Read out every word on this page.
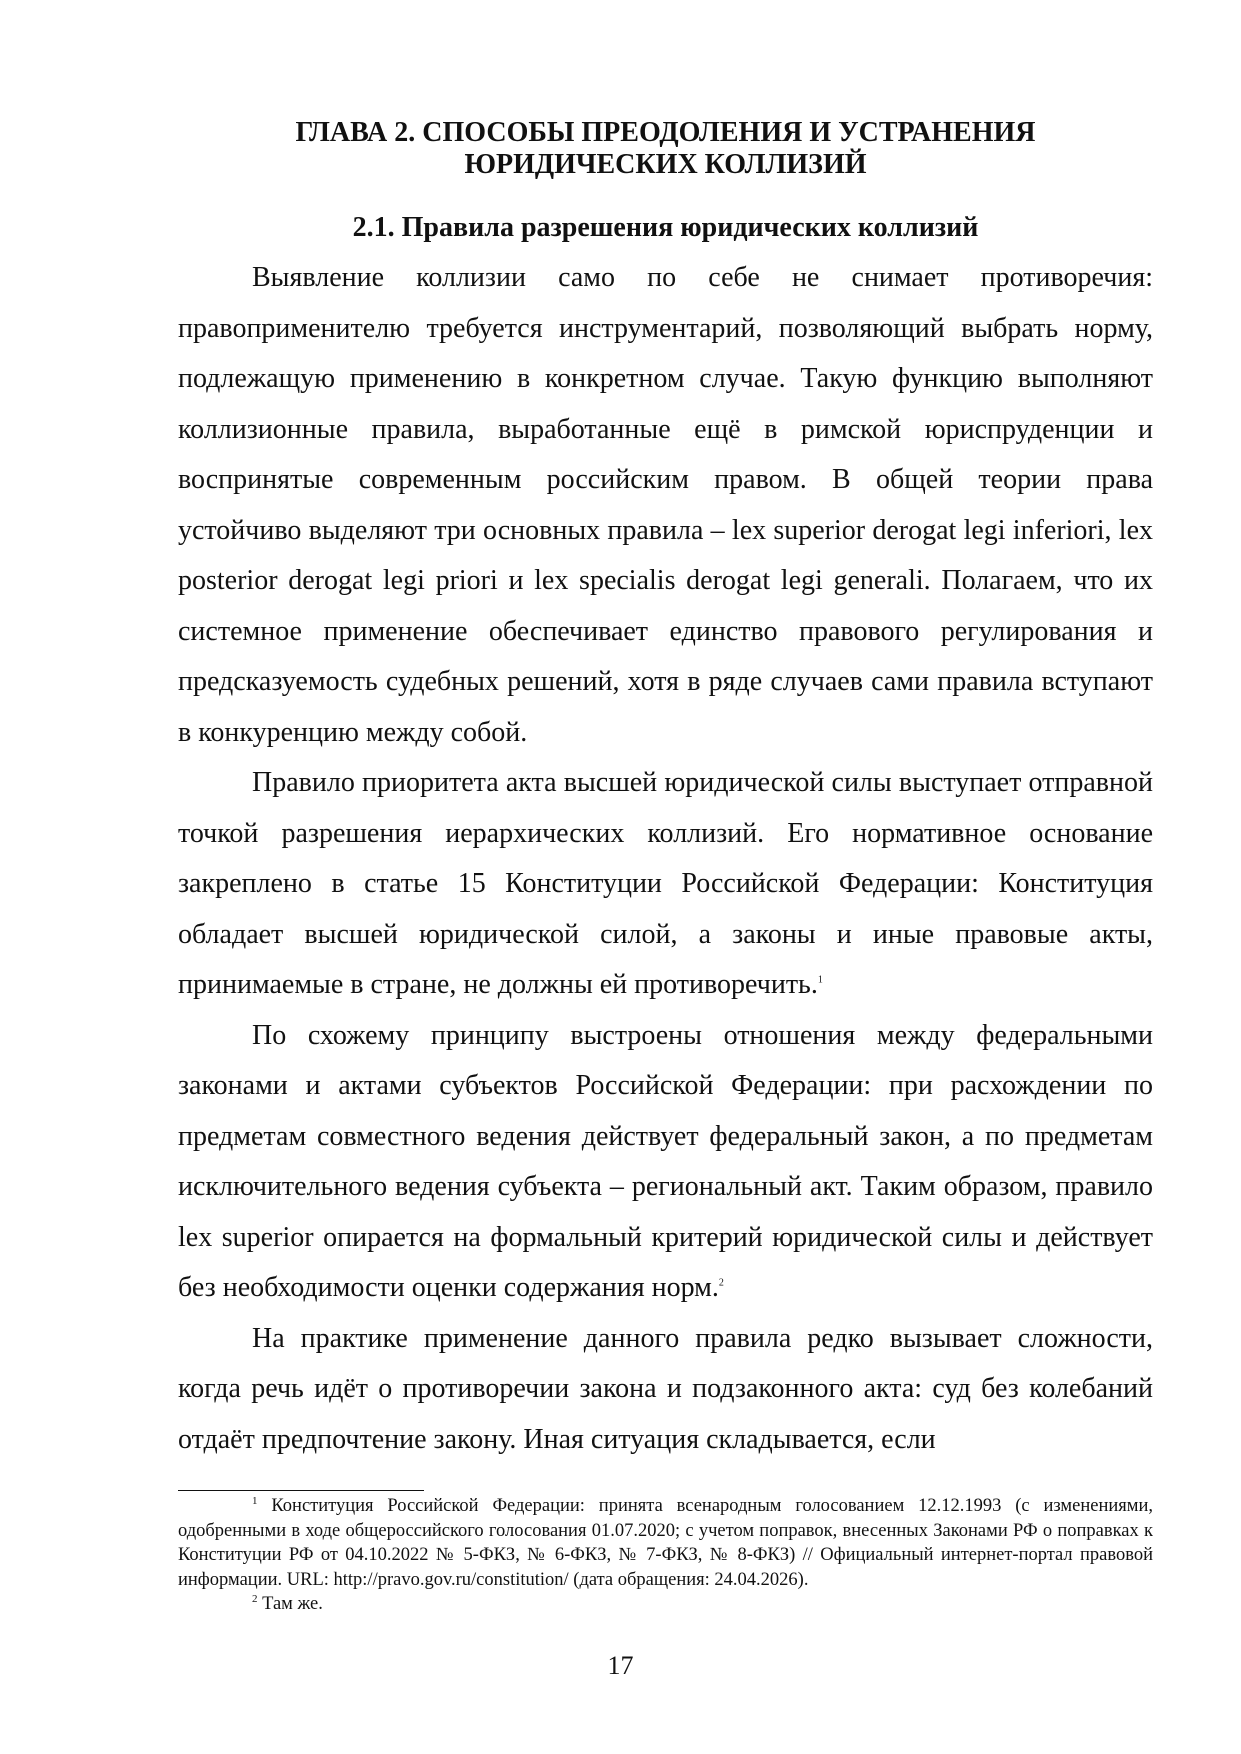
ГЛАВА 2. СПОСОБЫ ПРЕОДОЛЕНИЯ И УСТРАНЕНИЯ
ЮРИДИЧЕСКИХ КОЛЛИЗИЙ
2.1. Правила разрешения юридических коллизий

Выявление коллизии само по себе не снимает противоречия: правоприменителю требуется инструментарий, позволяющий выбрать норму, подлежащую применению в конкретном случае. Такую функцию выполняют коллизионные правила, выработанные ещё в римской юриспруденции и воспринятые современным российским правом. В общей теории права устойчиво выделяют три основных правила – lex superior derogat legi inferiori, lex posterior derogat legi priori и lex specialis derogat legi generali. Полагаем, что их системное применение обеспечивает единство правового регулирования и предсказуемость судебных решений, хотя в ряде случаев сами правила вступают в конкуренцию между собой.

Правило приоритета акта высшей юридической силы выступает отправной точкой разрешения иерархических коллизий. Его нормативное основание закреплено в статье 15 Конституции Российской Федерации: Конституция обладает высшей юридической силой, а законы и иные правовые акты, принимаемые в стране, не должны ей противоречить.$^1$

По схожему принципу выстроены отношения между федеральными законами и актами субъектов Российской Федерации: при расхождении по предметам совместного ведения действует федеральный закон, а по предметам исключительного ведения субъекта – региональный акт. Таким образом, правило lex superior опирается на формальный критерий юридической силы и действует без необходимости оценки содержания норм.$^2$

На практике применение данного правила редко вызывает сложности, когда речь идёт о противоречии закона и подзаконного акта: суд без колебаний отдаёт предпочтение закону. Иная ситуация складывается, если

$^1$ Конституция Российской Федерации: принята всенародным голосованием 12.12.1993 (с изменениями, одобренными в ходе общероссийского голосования 01.07.2020; с учетом поправок, внесенных Законами РФ о поправках к Конституции РФ от 04.10.2022 № 5-ФКЗ, № 6-ФКЗ, № 7-ФКЗ, № 8-ФКЗ) // Официальный интернет-портал правовой информации. URL: http://pravo.gov.ru/constitution/ (дата обращения: 24.04.2026).

$^2$ Там же.

17
